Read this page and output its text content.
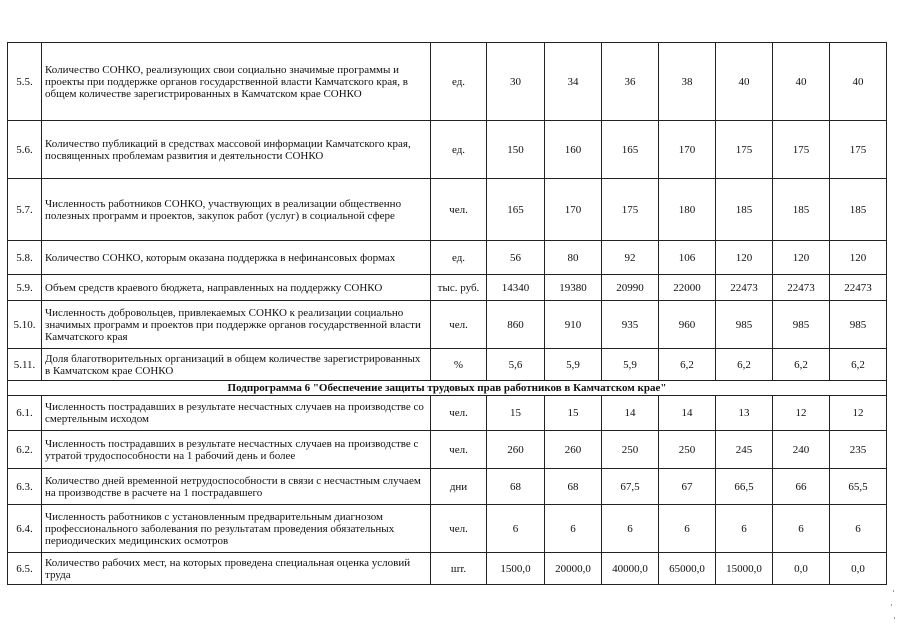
5.5.	Количество СОНКО, реализующих свои социально значимые программы и проекты при поддержке органов государственной власти Камчатского края, в общем количестве зарегистрированных в Камчатском крае СОНКО	ед.	30	34	36	38	40	40	40
5.6.	Количество публикаций в средствах массовой информации Камчатского края, посвященных проблемам развития и деятельности СОНКО	ед.	150	160	165	170	175	175	175
5.7.	Численность работников СОНКО, участвующих в реализации общественно полезных программ и проектов, закупок работ (услуг) в социальной сфере	чел.	165	170	175	180	185	185	185
5.8.	Количество СОНКО, которым оказана поддержка в нефинансовых формах	ед.	56	80	92	106	120	120	120
5.9.	Объем средств краевого бюджета, направленных на поддержку СОНКО	тыс. руб.	14340	19380	20990	22000	22473	22473	22473
5.10.	Численность добровольцев, привлекаемых СОНКО к реализации социально значимых программ и проектов при поддержке органов государственной власти Камчатского края	чел.	860	910	935	960	985	985	985
5.11.	Доля благотворительных организаций в общем количестве зарегистрированных в Камчатском крае СОНКО	%	5,6	5,9	5,9	6,2	6,2	6,2	6,2
Подпрограмма 6 "Обеспечение защиты трудовых прав работников в Камчатском крае"									
6.1.	Численность пострадавших в результате несчастных случаев на производстве со смертельным исходом	чел.	15	15	14	14	13	12	12
6.2.	Численность пострадавших в результате несчастных случаев на производстве с утратой трудоспособности на 1 рабочий день и более	чел.	260	260	250	250	245	240	235
6.3.	Количество дней временной нетрудоспособности в связи с несчастным случаем на производстве в расчете на 1 пострадавшего	дни	68	68	67,5	67	66,5	66	65,5
6.4.	Численность работников с установленным предварительным диагнозом профессионального заболевания по результатам проведения обязательных периодических медицинских осмотров	чел.	6	6	6	6	6	6	6
6.5.	Количество рабочих мест, на которых проведена специальная оценка условий труда	шт.	1500,0	20000,0	40000,0	65000,0	15000,0	0,0	0,0
